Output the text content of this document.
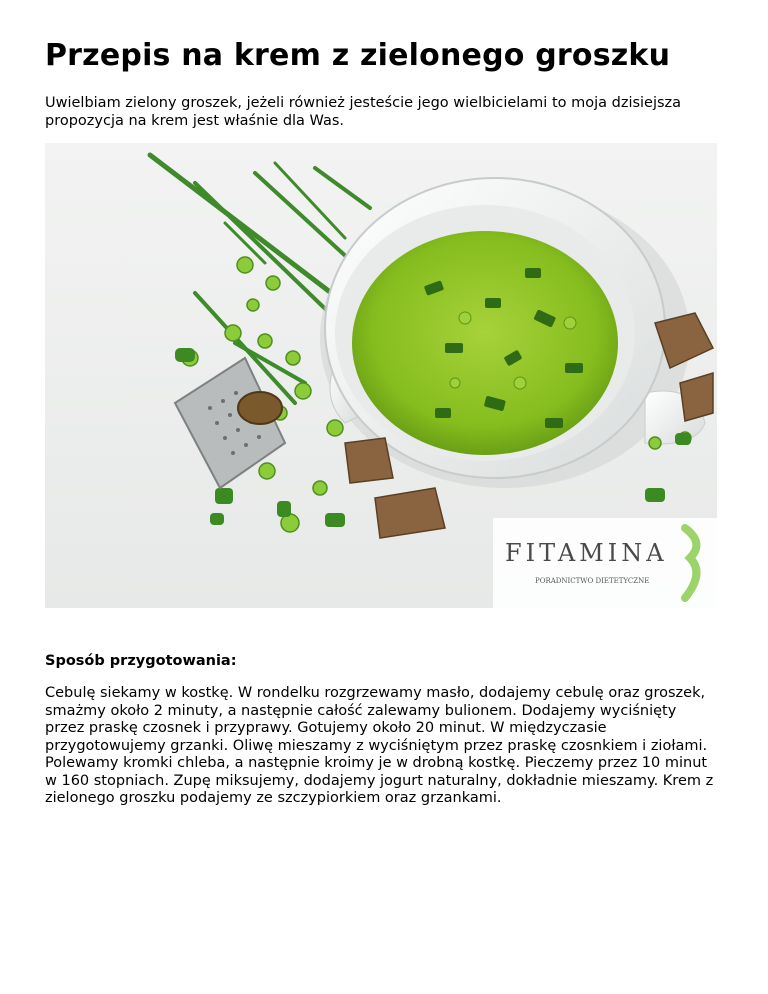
Przepis na krem z zielonego groszku

Uwielbiam zielony groszek, jeżeli również jesteście jego wielbicielami to moja dzisiejsza propozycja na krem jest właśnie dla Was.

FITAMINA
PORADNICTWO DIETETYCZNE

Sposób przygotowania:

Cebulę siekamy w kostkę. W rondelku rozgrzewamy masło, dodajemy cebulę oraz groszek, smażmy około 2 minuty, a następnie całość zalewamy bulionem. Dodajemy wyciśnięty przez praskę czosnek i przyprawy. Gotujemy około 20 minut. W międzyczasie przygotowujemy grzanki. Oliwę mieszamy z wyciśniętym przez praskę czosnkiem i ziołami. Polewamy kromki chleba, a następnie kroimy je w drobną kostkę. Pieczemy przez 10 minut w 160 stopniach. Zupę miksujemy, dodajemy jogurt naturalny, dokładnie mieszamy. Krem z zielonego groszku podajemy ze szczypiorkiem oraz grzankami.
